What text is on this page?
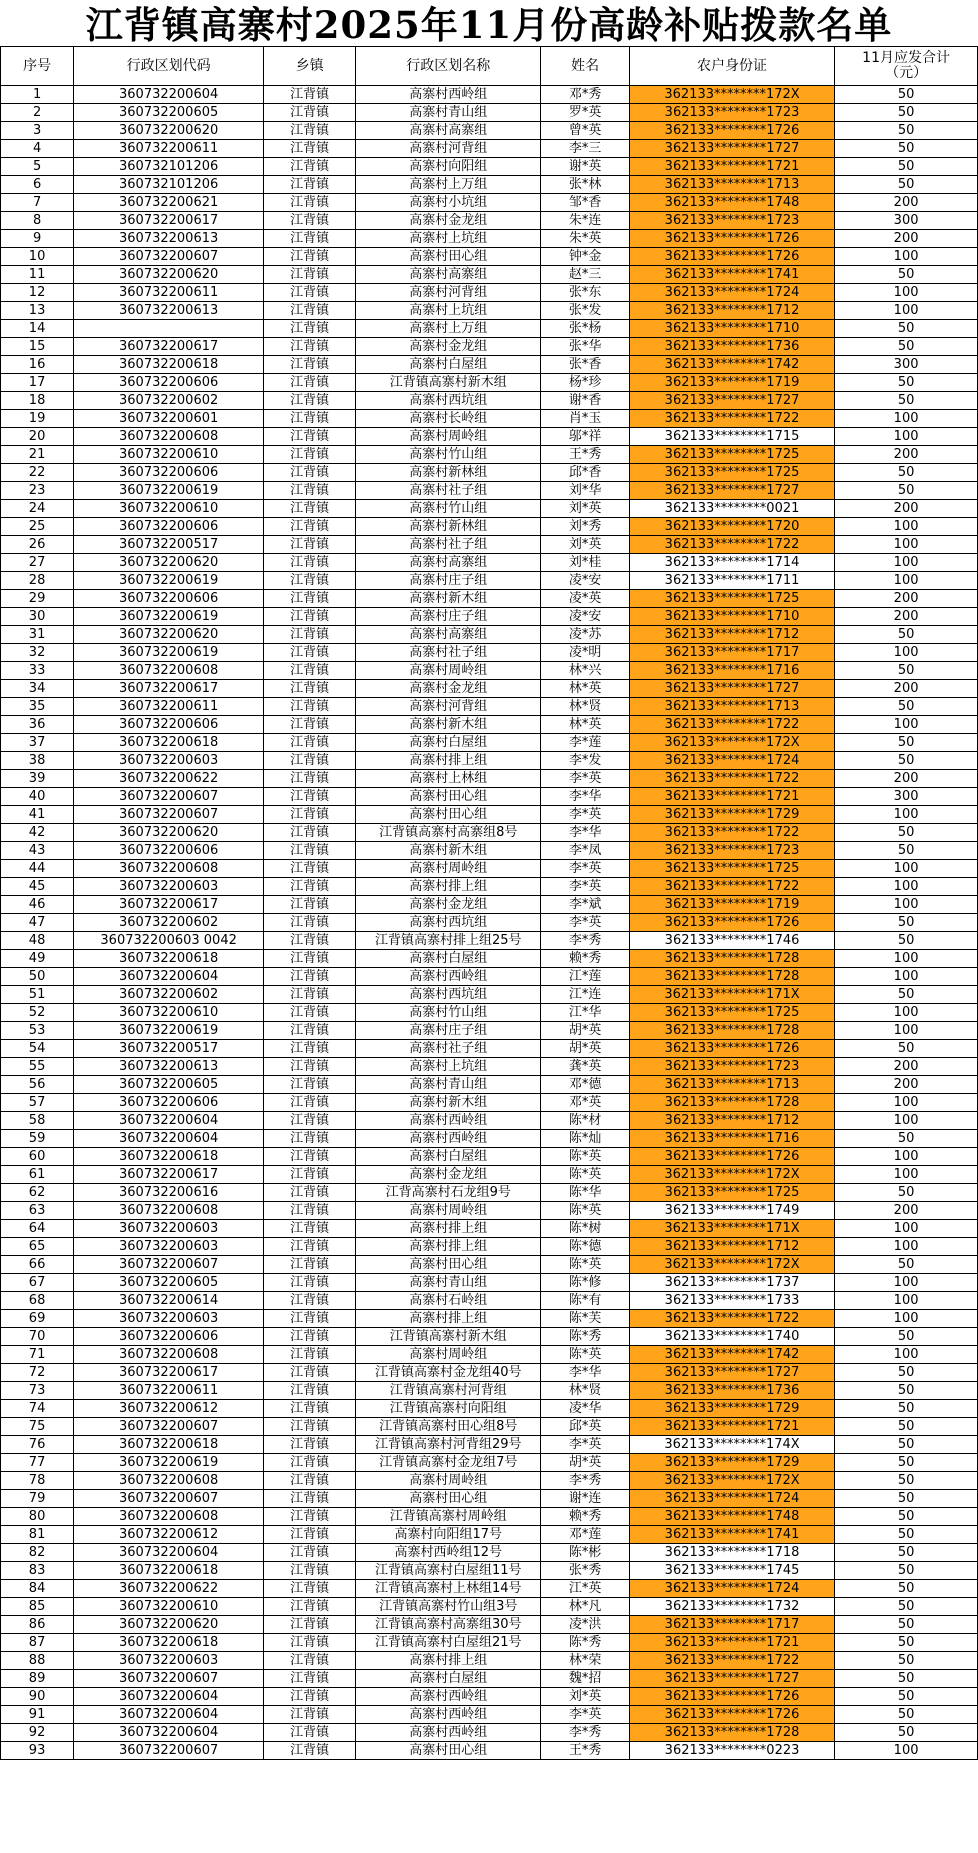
江背镇高寨村2025年11月份高龄补贴拨款名单
序号	行政区划代码	乡镇	行政区划名称	姓名	农户身份证	11月应发合计
（元）
1	360732200604	江背镇	高寨村西岭组	邓*秀	362133********172X	50
2	360732200605	江背镇	高寨村青山组	罗*英	362133********1723	50
3	360732200620	江背镇	高寨村高寨组	曾*英	362133********1726	50
4	360732200611	江背镇	高寨村河背组	李*三	362133********1727	50
5	360732101206	江背镇	高寨村向阳组	谢*英	362133********1721	50
6	360732101206	江背镇	高寨村上万组	张*林	362133********1713	50
7	360732200621	江背镇	高寨村小坑组	邹*香	362133********1748	200
8	360732200617	江背镇	高寨村金龙组	朱*连	362133********1723	300
9	360732200613	江背镇	高寨村上坑组	朱*英	362133********1726	200
10	360732200607	江背镇	高寨村田心组	钟*金	362133********1726	100
11	360732200620	江背镇	高寨村高寨组	赵*三	362133********1741	50
12	360732200611	江背镇	高寨村河背组	张*东	362133********1724	100
13	360732200613	江背镇	高寨村上坑组	张*发	362133********1712	100
14		江背镇	高寨村上万组	张*杨	362133********1710	50
15	360732200617	江背镇	高寨村金龙组	张*华	362133********1736	50
16	360732200618	江背镇	高寨村白屋组	张*香	362133********1742	300
17	360732200606	江背镇	江背镇高寨村新木组	杨*珍	362133********1719	50
18	360732200602	江背镇	高寨村西坑组	谢*香	362133********1727	50
19	360732200601	江背镇	高寨村长岭组	肖*玉	362133********1722	100
20	360732200608	江背镇	高寨村周岭组	邬*祥	362133********1715	100
21	360732200610	江背镇	高寨村竹山组	王*秀	362133********1725	200
22	360732200606	江背镇	高寨村新林组	邱*香	362133********1725	50
23	360732200619	江背镇	高寨村社子组	刘*华	362133********1727	50
24	360732200610	江背镇	高寨村竹山组	刘*英	362133********0021	200
25	360732200606	江背镇	高寨村新林组	刘*秀	362133********1720	100
26	360732200517	江背镇	高寨村社子组	刘*英	362133********1722	100
27	360732200620	江背镇	高寨村高寨组	刘*桂	362133********1714	100
28	360732200619	江背镇	高寨村庄子组	凌*安	362133********1711	100
29	360732200606	江背镇	高寨村新木组	凌*英	362133********1725	200
30	360732200619	江背镇	高寨村庄子组	凌*安	362133********1710	200
31	360732200620	江背镇	高寨村高寨组	凌*苏	362133********1712	50
32	360732200619	江背镇	高寨村社子组	凌*明	362133********1717	100
33	360732200608	江背镇	高寨村周岭组	林*兴	362133********1716	50
34	360732200617	江背镇	高寨村金龙组	林*英	362133********1727	200
35	360732200611	江背镇	高寨村河背组	林*贤	362133********1713	50
36	360732200606	江背镇	高寨村新木组	林*英	362133********1722	100
37	360732200618	江背镇	高寨村白屋组	李*莲	362133********172X	50
38	360732200603	江背镇	高寨村排上组	李*发	362133********1724	50
39	360732200622	江背镇	高寨村上林组	李*英	362133********1722	200
40	360732200607	江背镇	高寨村田心组	李*华	362133********1721	300
41	360732200607	江背镇	高寨村田心组	李*英	362133********1729	100
42	360732200620	江背镇	江背镇高寨村高寨组8号	李*华	362133********1722	50
43	360732200606	江背镇	高寨村新木组	李*凤	362133********1723	50
44	360732200608	江背镇	高寨村周岭组	李*英	362133********1725	100
45	360732200603	江背镇	高寨村排上组	李*英	362133********1722	100
46	360732200617	江背镇	高寨村金龙组	李*斌	362133********1719	100
47	360732200602	江背镇	高寨村西坑组	李*英	362133********1726	50
48	360732200603 0042	江背镇	江背镇高寨村排上组25号	李*秀	362133********1746	50
49	360732200618	江背镇	高寨村白屋组	赖*秀	362133********1728	100
50	360732200604	江背镇	高寨村西岭组	江*莲	362133********1728	100
51	360732200602	江背镇	高寨村西坑组	江*连	362133********171X	50
52	360732200610	江背镇	高寨村竹山组	江*华	362133********1725	100
53	360732200619	江背镇	高寨村庄子组	胡*英	362133********1728	100
54	360732200517	江背镇	高寨村社子组	胡*英	362133********1726	50
55	360732200613	江背镇	高寨村上坑组	龚*英	362133********1723	200
56	360732200605	江背镇	高寨村青山组	邓*德	362133********1713	200
57	360732200606	江背镇	高寨村新木组	邓*英	362133********1728	100
58	360732200604	江背镇	高寨村西岭组	陈*材	362133********1712	100
59	360732200604	江背镇	高寨村西岭组	陈*灿	362133********1716	50
60	360732200618	江背镇	高寨村白屋组	陈*英	362133********1726	100
61	360732200617	江背镇	高寨村金龙组	陈*英	362133********172X	100
62	360732200616	江背镇	江背高寨村石龙组9号	陈*华	362133********1725	50
63	360732200608	江背镇	高寨村周岭组	陈*英	362133********1749	200
64	360732200603	江背镇	高寨村排上组	陈*树	362133********171X	100
65	360732200603	江背镇	高寨村排上组	陈*德	362133********1712	100
66	360732200607	江背镇	高寨村田心组	陈*英	362133********172X	50
67	360732200605	江背镇	高寨村青山组	陈*修	362133********1737	100
68	360732200614	江背镇	高寨村石岭组	陈*有	362133********1733	100
69	360732200603	江背镇	高寨村排上组	陈*芙	362133********1722	100
70	360732200606	江背镇	江背镇高寨村新木组	陈*秀	362133********1740	50
71	360732200608	江背镇	高寨村周岭组	陈*英	362133********1742	100
72	360732200617	江背镇	江背镇高寨村金龙组40号	李*华	362133********1727	50
73	360732200611	江背镇	江背镇高寨村河背组	林*贤	362133********1736	50
74	360732200612	江背镇	江背镇高寨村向阳组	凌*华	362133********1729	50
75	360732200607	江背镇	江背镇高寨村田心组8号	邱*英	362133********1721	50
76	360732200618	江背镇	江背镇高寨村河背组29号	李*英	362133********174X	50
77	360732200619	江背镇	江背镇高寨村金龙组7号	胡*英	362133********1729	50
78	360732200608	江背镇	高寨村周岭组	李*秀	362133********172X	50
79	360732200607	江背镇	高寨村田心组	谢*连	362133********1724	50
80	360732200608	江背镇	江背镇高寨村周岭组	赖*秀	362133********1748	50
81	360732200612	江背镇	高寨村向阳组17号	邓*莲	362133********1741	50
82	360732200604	江背镇	高寨村西岭组12号	陈*彬	362133********1718	50
83	360732200618	江背镇	江背镇高寨村白屋组11号	张*秀	362133********1745	50
84	360732200622	江背镇	江背镇高寨村上林组14号	江*英	362133********1724	50
85	360732200610	江背镇	江背镇高寨村竹山组3号	林*凡	362133********1732	50
86	360732200620	江背镇	江背镇高寨村高寨组30号	凌*洪	362133********1717	50
87	360732200618	江背镇	江背镇高寨村白屋组21号	陈*秀	362133********1721	50
88	360732200603	江背镇	高寨村排上组	林*荣	362133********1722	50
89	360732200607	江背镇	高寨村白屋组	魏*招	362133********1727	50
90	360732200604	江背镇	高寨村西岭组	刘*英	362133********1726	50
91	360732200604	江背镇	高寨村西岭组	李*英	362133********1726	50
92	360732200604	江背镇	高寨村西岭组	李*秀	362133********1728	50
93	360732200607	江背镇	高寨村田心组	王*秀	362133********0223	100
